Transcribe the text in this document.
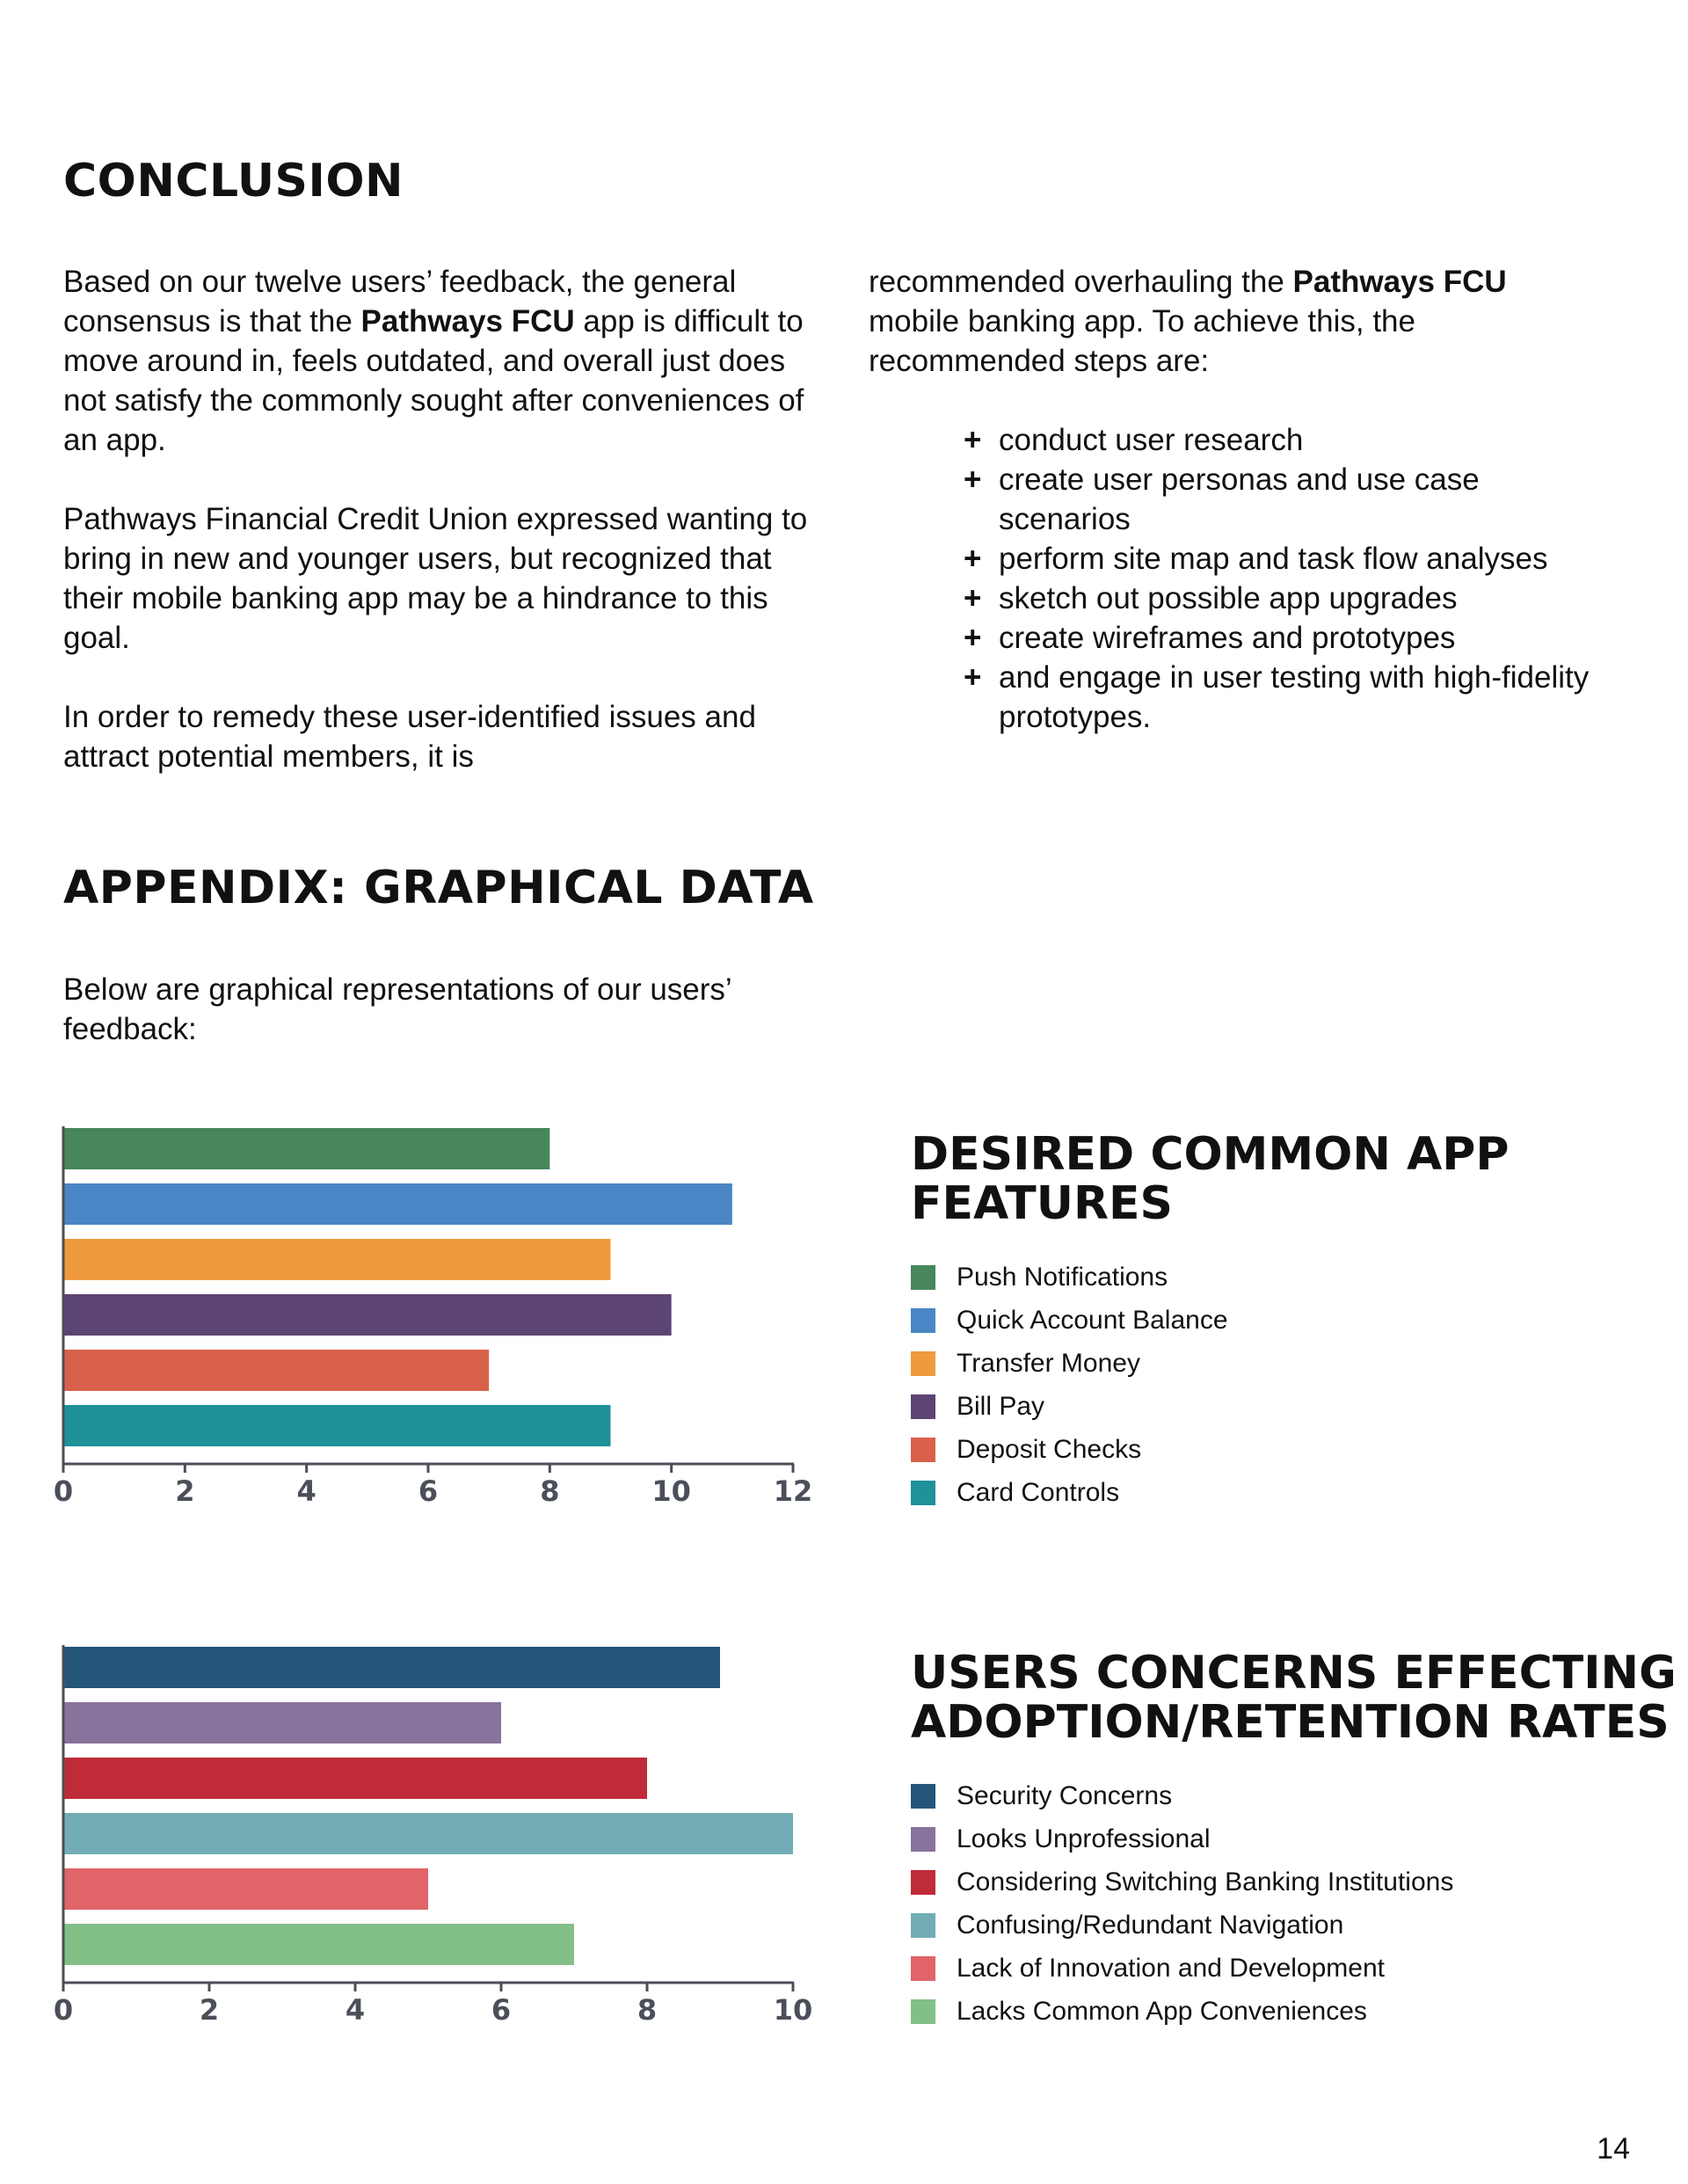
CONCLUSION

Based on our twelve users’ feedback, the general consensus is that the Pathways FCU app is difficult to move around in, feels outdated, and overall just does not satisfy the commonly sought after conveniences of an app.

Pathways Financial Credit Union expressed wanting to bring in new and younger users, but recognized that their mobile banking app may be a hindrance to this goal.

In order to remedy these user-identified issues and attract potential members, it is

recommended overhauling the Pathways FCU mobile banking app. To achieve this, the recommended steps are:

+ conduct user research
+ create user personas and use case scenarios
+ perform site map and task flow analyses
+ sketch out possible app upgrades
+ create wireframes and prototypes
+ and engage in user testing with high-fidelity prototypes.
APPENDIX: GRAPHICAL DATA

Below are graphical representations of our users’ feedback:

0	2	4	6	8	10	12
DESIRED COMMON APP FEATURES
Push Notifications
Quick Account Balance
Transfer Money
Bill Pay
Deposit Checks
Card Controls
0	2	4	6	8	10
USERS CONCERNS EFFECTING ADOPTION/RETENTION RATES
Security Concerns
Looks Unprofessional
Considering Switching Banking Institutions
Confusing/Redundant Navigation
Lack of Innovation and Development
Lacks Common App Conveniences
14
